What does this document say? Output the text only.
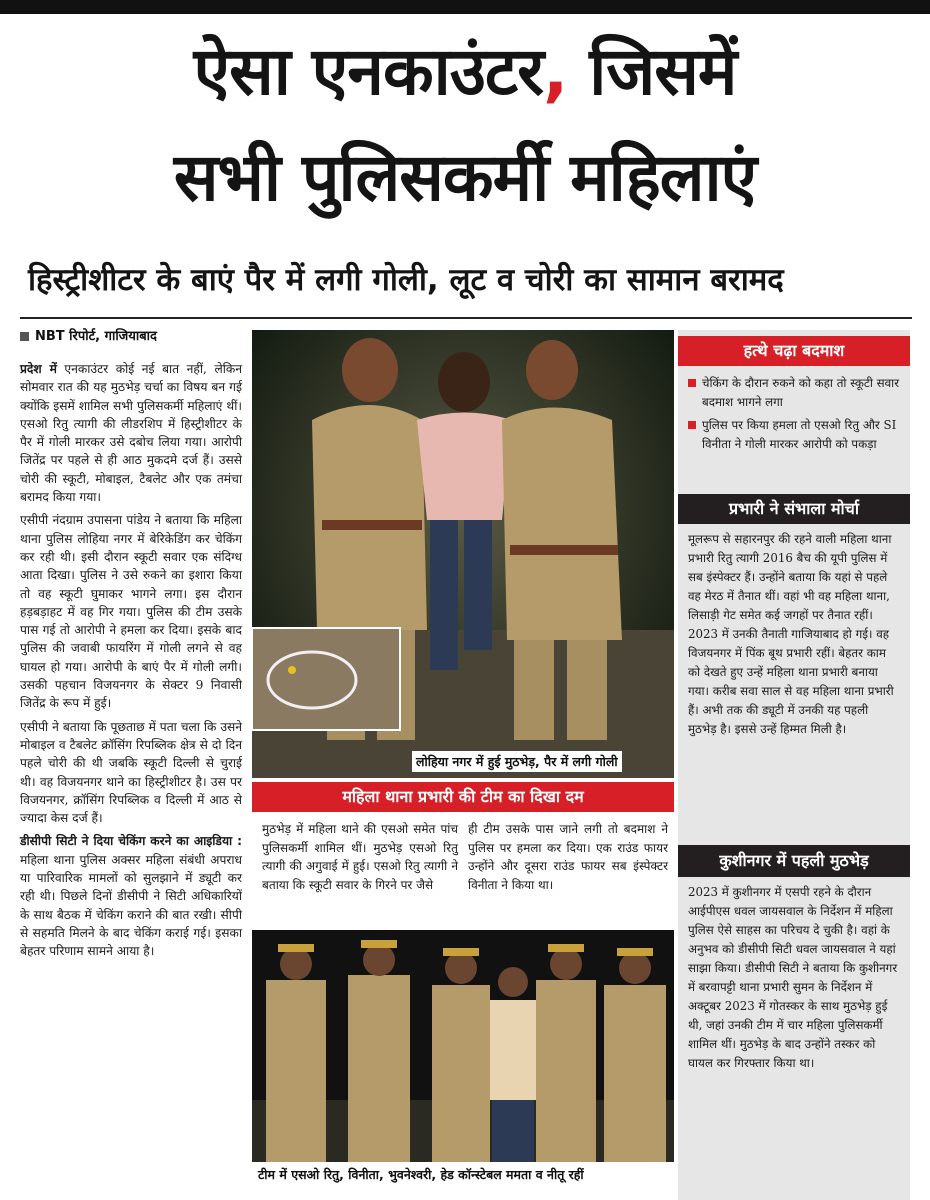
ऐसा एनकाउंटर, जिसमें
सभी पुलिसकर्मी महिलाएं
हिस्ट्रीशीटर के बाएं पैर में लगी गोली, लूट व चोरी का सामान बरामद
NBT रिपोर्ट, गाजियाबाद

प्रदेश में एनकाउंटर कोई नई बात नहीं, लेकिन सोमवार रात की यह मुठभेड़ चर्चा का विषय बन गई क्योंकि इसमें शामिल सभी पुलिसकर्मी महिलाएं थीं। एसओ रितु त्यागी की लीडरशिप में हिस्ट्रीशीटर के पैर में गोली मारकर उसे दबोच लिया गया। आरोपी जितेंद्र पर पहले से ही आठ मुकदमे दर्ज हैं। उससे चोरी की स्कूटी, मोबाइल, टैबलेट और एक तमंचा बरामद किया गया।

एसीपी नंदग्राम उपासना पांडेय ने बताया कि महिला थाना पुलिस लोहिया नगर में बेरिकेडिंग कर चेकिंग कर रही थी। इसी दौरान स्कूटी सवार एक संदिग्ध आता दिखा। पुलिस ने उसे रुकने का इशारा किया तो वह स्कूटी घुमाकर भागने लगा। इस दौरान हड़बड़ाहट में वह गिर गया। पुलिस की टीम उसके पास गई तो आरोपी ने हमला कर दिया। इसके बाद पुलिस की जवाबी फायरिंग में गोली लगने से वह घायल हो गया। आरोपी के बाएं पैर में गोली लगी। उसकी पहचान विजयनगर के सेक्टर 9 निवासी जितेंद्र के रूप में हुई।

एसीपी ने बताया कि पूछताछ में पता चला कि उसने मोबाइल व टैबलेट क्रॉसिंग रिपब्लिक क्षेत्र से दो दिन पहले चोरी की थी जबकि स्कूटी दिल्ली से चुराई थी। वह विजयनगर थाने का हिस्ट्रीशीटर है। उस पर विजयनगर, क्रॉसिंग रिपब्लिक व दिल्ली में आठ से ज्यादा केस दर्ज हैं।

डीसीपी सिटी ने दिया चेकिंग करने का आइडिया : महिला थाना पुलिस अक्सर महिला संबंधी अपराध या पारिवारिक मामलों को सुलझाने में ड्यूटी कर रही थी। पिछले दिनों डीसीपी ने सिटी अधिकारियों के साथ बैठक में चेकिंग कराने की बात रखी। सीपी से सहमति मिलने के बाद चेकिंग कराई गई। इसका बेहतर परिणाम सामने आया है।

लोहिया नगर में हुई मुठभेड़, पैर में लगी गोली
महिला थाना प्रभारी की टीम का दिखा दम
मुठभेड़ में महिला थाने की एसओ समेत पांच पुलिसकर्मी शामिल थीं। मुठभेड़ एसओ रितु त्यागी की अगुवाई में हुई। एसओ रितु त्यागी ने बताया कि स्कूटी सवार के गिरने पर जैसे
ही टीम उसके पास जाने लगी तो बदमाश ने पुलिस पर हमला कर दिया। एक राउंड फायर उन्होंने और दूसरा राउंड फायर सब इंस्पेक्टर विनीता ने किया था।
टीम में एसओ रितु, विनीता, भुवनेश्वरी, हेड कॉन्स्टेबल ममता व नीतू रहीं
हत्थे चढ़ा बदमाश
चेकिंग के दौरान रुकने को कहा तो स्कूटी सवार बदमाश भागने लगा
पुलिस पर किया हमला तो एसओ रितु और SI विनीता ने गोली मारकर आरोपी को पकड़ा
प्रभारी ने संभाला मोर्चा
मूलरूप से सहारनपुर की रहने वाली महिला थाना प्रभारी रितु त्यागी 2016 बैच की यूपी पुलिस में सब इंस्पेक्टर हैं। उन्होंने बताया कि यहां से पहले वह मेरठ में तैनात थीं। वहां भी वह महिला थाना, लिसाड़ी गेट समेत कई जगहों पर तैनात रहीं। 2023 में उनकी तैनाती गाजियाबाद हो गई। वह विजयनगर में पिंक बूथ प्रभारी रहीं। बेहतर काम को देखते हुए उन्हें महिला थाना प्रभारी बनाया गया। करीब सवा साल से वह महिला थाना प्रभारी हैं। अभी तक की ड्यूटी में उनकी यह पहली मुठभेड़ है। इससे उन्हें हिम्मत मिली है।
कुशीनगर में पहली मुठभेड़
2023 में कुशीनगर में एसपी रहने के दौरान आईपीएस धवल जायसवाल के निर्देशन में महिला पुलिस ऐसे साहस का परिचय दे चुकी है। वहां के अनुभव को डीसीपी सिटी धवल जायसवाल ने यहां साझा किया। डीसीपी सिटी ने बताया कि कुशीनगर में बरवापट्टी थाना प्रभारी सुमन के निर्देशन में अक्टूबर 2023 में गोतस्कर के साथ मुठभेड़ हुई थी, जहां उनकी टीम में चार महिला पुलिसकर्मी शामिल थीं। मुठभेड़ के बाद उन्होंने तस्कर को घायल कर गिरफ्तार किया था।
